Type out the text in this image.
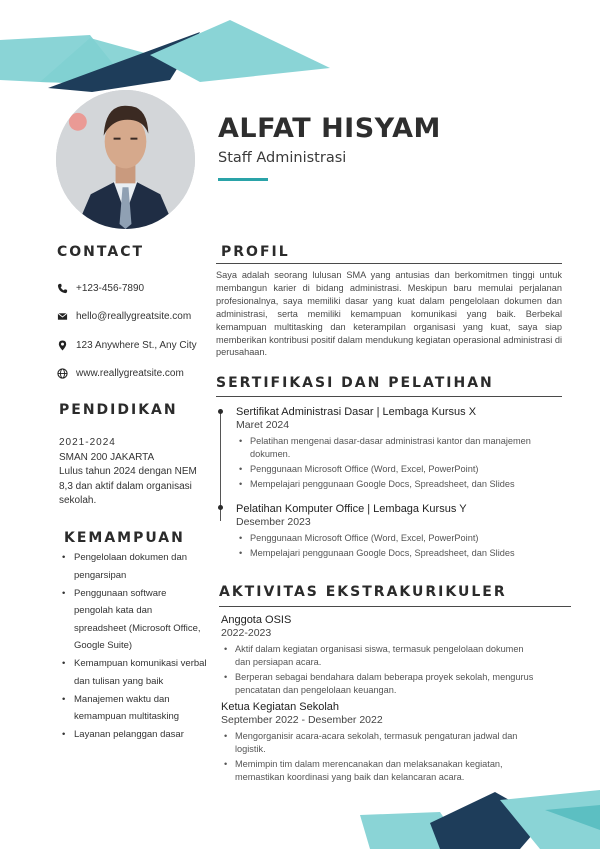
ALFAT HISYAM
Staff Administrasi
CONTACT
+123-456-7890
hello@reallygreatsite.com
123 Anywhere St., Any City
www.reallygreatsite.com
PENDIDIKAN
2021-2024
SMAN 200 JAKARTA
Lulus tahun 2024 dengan NEM 8,3 dan aktif dalam organisasi sekolah.
KEMAMPUAN
• Pengelolaan dokumen dan pengarsipan
• Penggunaan software pengolah kata dan spreadsheet (Microsoft Office, Google Suite)
• Kemampuan komunikasi verbal dan tulisan yang baik
• Manajemen waktu dan kemampuan multitasking
• Layanan pelanggan dasar
PROFIL
Saya adalah seorang lulusan SMA yang antusias dan berkomitmen tinggi untuk membangun karier di bidang administrasi. Meskipun baru memulai perjalanan profesionalnya, saya memiliki dasar yang kuat dalam pengelolaan dokumen dan administrasi, serta memiliki kemampuan komunikasi yang baik. Berbekal kemampuan multitasking dan keterampilan organisasi yang kuat, saya siap memberikan kontribusi positif dalam mendukung kegiatan operasional administrasi di perusahaan.
SERTIFIKASI DAN PELATIHAN
Sertifikat Administrasi Dasar | Lembaga Kursus X
Maret 2024
• Pelatihan mengenai dasar-dasar administrasi kantor dan manajemen dokumen.
• Penggunaan Microsoft Office (Word, Excel, PowerPoint)
• Mempelajari penggunaan Google Docs, Spreadsheet, dan Slides
Pelatihan Komputer Office | Lembaga Kursus Y
Desember 2023
• Penggunaan Microsoft Office (Word, Excel, PowerPoint)
• Mempelajari penggunaan Google Docs, Spreadsheet, dan Slides
AKTIVITAS EKSTRAKURIKULER
Anggota OSIS
2022-2023
• Aktif dalam kegiatan organisasi siswa, termasuk pengelolaan dokumen dan persiapan acara.
• Berperan sebagai bendahara dalam beberapa proyek sekolah, mengurus pencatatan dan pengelolaan keuangan.
Ketua Kegiatan Sekolah
September 2022 - Desember 2022
• Mengorganisir acara-acara sekolah, termasuk pengaturan jadwal dan logistik.
• Memimpin tim dalam merencanakan dan melaksanakan kegiatan, memastikan koordinasi yang baik dan kelancaran acara.
